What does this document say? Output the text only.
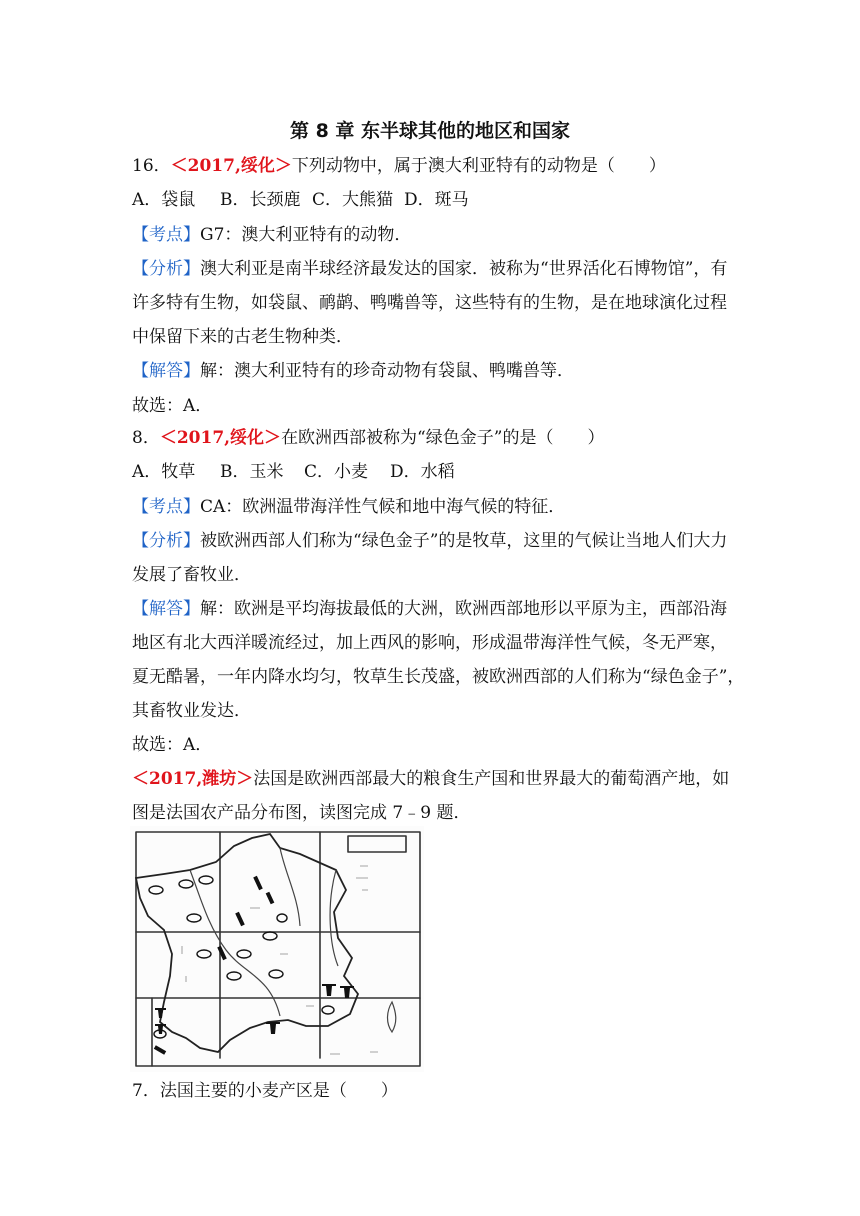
第 8 章 东半球其他的地区和国家
16．＜2017,绥化＞下列动物中，属于澳大利亚特有的动物是（　　）
A．袋鼠 B．长颈鹿 C．大熊猫 D．斑马
【考点】G7：澳大利亚特有的动物．
【分析】澳大利亚是南半球经济最发达的国家．被称为“世界活化石博物馆”，有
许多特有生物，如袋鼠、鸸鹋、鸭嘴兽等，这些特有的生物，是在地球演化过程
中保留下来的古老生物种类．
【解答】解：澳大利亚特有的珍奇动物有袋鼠、鸭嘴兽等．
故选：A．
8．＜2017,绥化＞在欧洲西部被称为“绿色金子”的是（　　）
A．牧草 B．玉米 C．小麦 D．水稻
【考点】CA：欧洲温带海洋性气候和地中海气候的特征．
【分析】被欧洲西部人们称为“绿色金子”的是牧草，这里的气候让当地人们大力
发展了畜牧业．
【解答】解：欧洲是平均海拔最低的大洲，欧洲西部地形以平原为主，西部沿海
地区有北大西洋暖流经过，加上西风的影响，形成温带海洋性气候，冬无严寒，
夏无酷暑，一年内降水均匀，牧草生长茂盛，被欧洲西部的人们称为“绿色金子”，
其畜牧业发达．
故选：A．
＜2017,潍坊＞法国是欧洲西部最大的粮食生产国和世界最大的葡萄酒产地，如
图是法国农产品分布图，读图完成 7﹣9 题．
7．法国主要的小麦产区是（　　）
